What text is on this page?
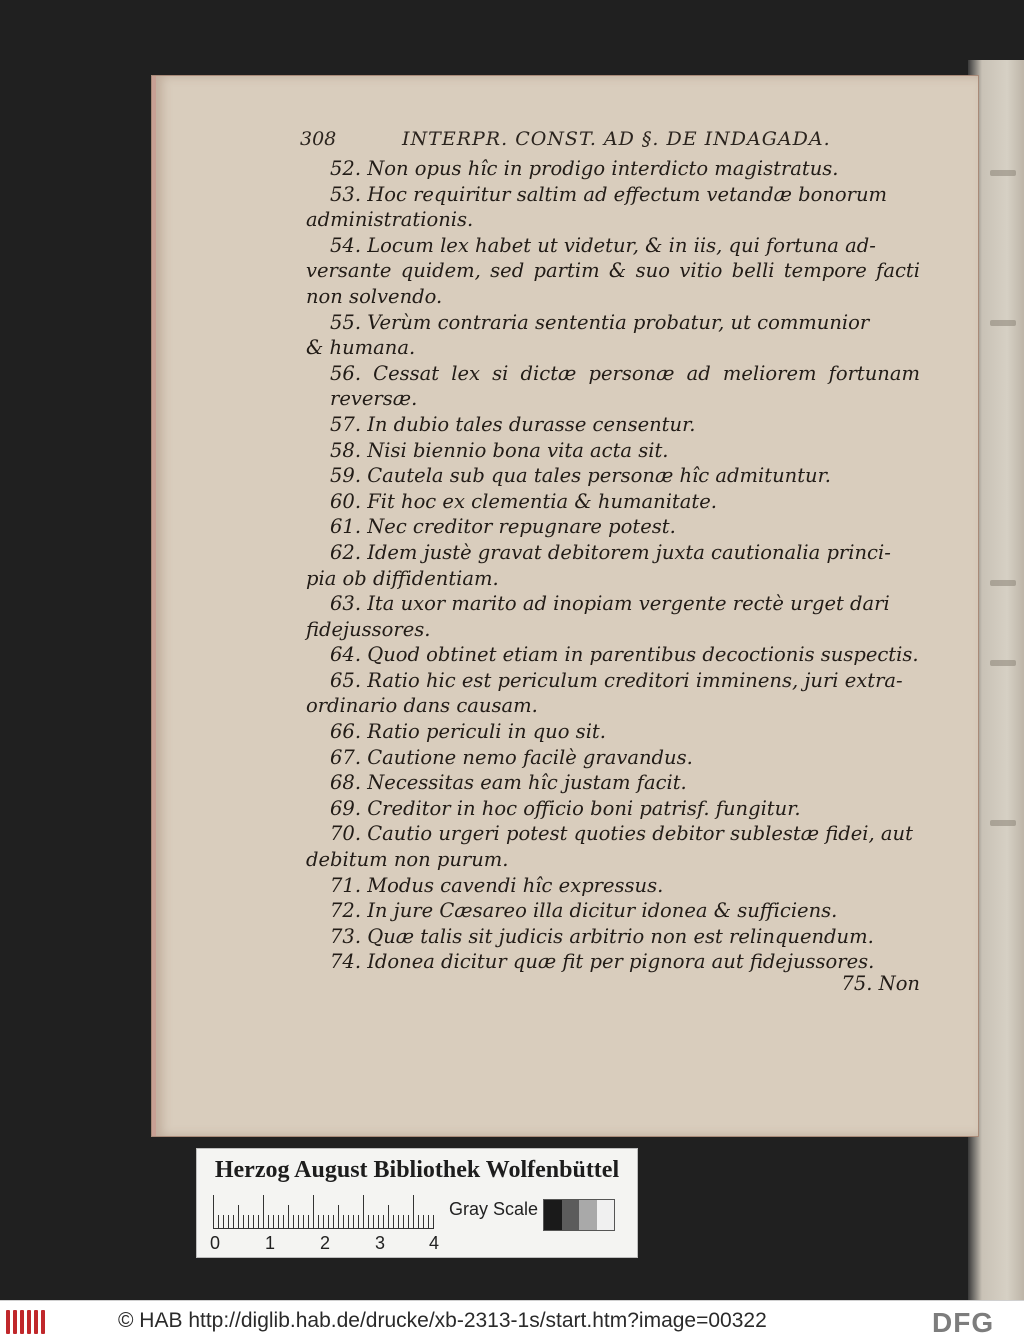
308	INTERPR. CONST. AD §. DE INDAGADA.
52. Non opus hîc in prodigo interdicto magistratus.
53. Hoc requiritur saltim ad effectum vetandæ bonorum
administrationis.
54. Locum lex habet ut videtur, & in iis, qui fortuna ad-
versante quidem, sed partim & suo vitio belli tempore facti non solvendo.
55. Verùm contraria sententia probatur, ut communior
& humana.
56. Cessat lex si dictæ personæ ad meliorem fortunam reversæ.
57. In dubio tales durasse censentur.
58. Nisi biennio bona vita acta sit.
59. Cautela sub qua tales personæ hîc admituntur.
60. Fit hoc ex clementia & humanitate.
61. Nec creditor repugnare potest.
62. Idem justè gravat debitorem juxta cautionalia princi-
pia ob diffidentiam.
63. Ita uxor marito ad inopiam vergente rectè urget dari
fidejussores.
64. Quod obtinet etiam in parentibus decoctionis suspectis.
65. Ratio hic est periculum creditori imminens, juri extra-
ordinario dans causam.
66. Ratio periculi in quo sit.
67. Cautione nemo facilè gravandus.
68. Necessitas eam hîc justam facit.
69. Creditor in hoc officio boni patrisf. fungitur.
70. Cautio urgeri potest quoties debitor sublestæ fidei, aut
debitum non purum.
71. Modus cavendi hîc expressus.
72. In jure Cæsareo illa dicitur idonea & sufficiens.
73. Quæ talis sit judicis arbitrio non est relinquendum.
74. Idonea dicitur quæ fit per pignora aut fidejussores.
75. Non
Herzog August Bibliothek Wolfenbüttel
0 1 2 3 4
Gray Scale
© HAB http://diglib.hab.de/drucke/xb-2313-1s/start.htm?image=00322	DFG
